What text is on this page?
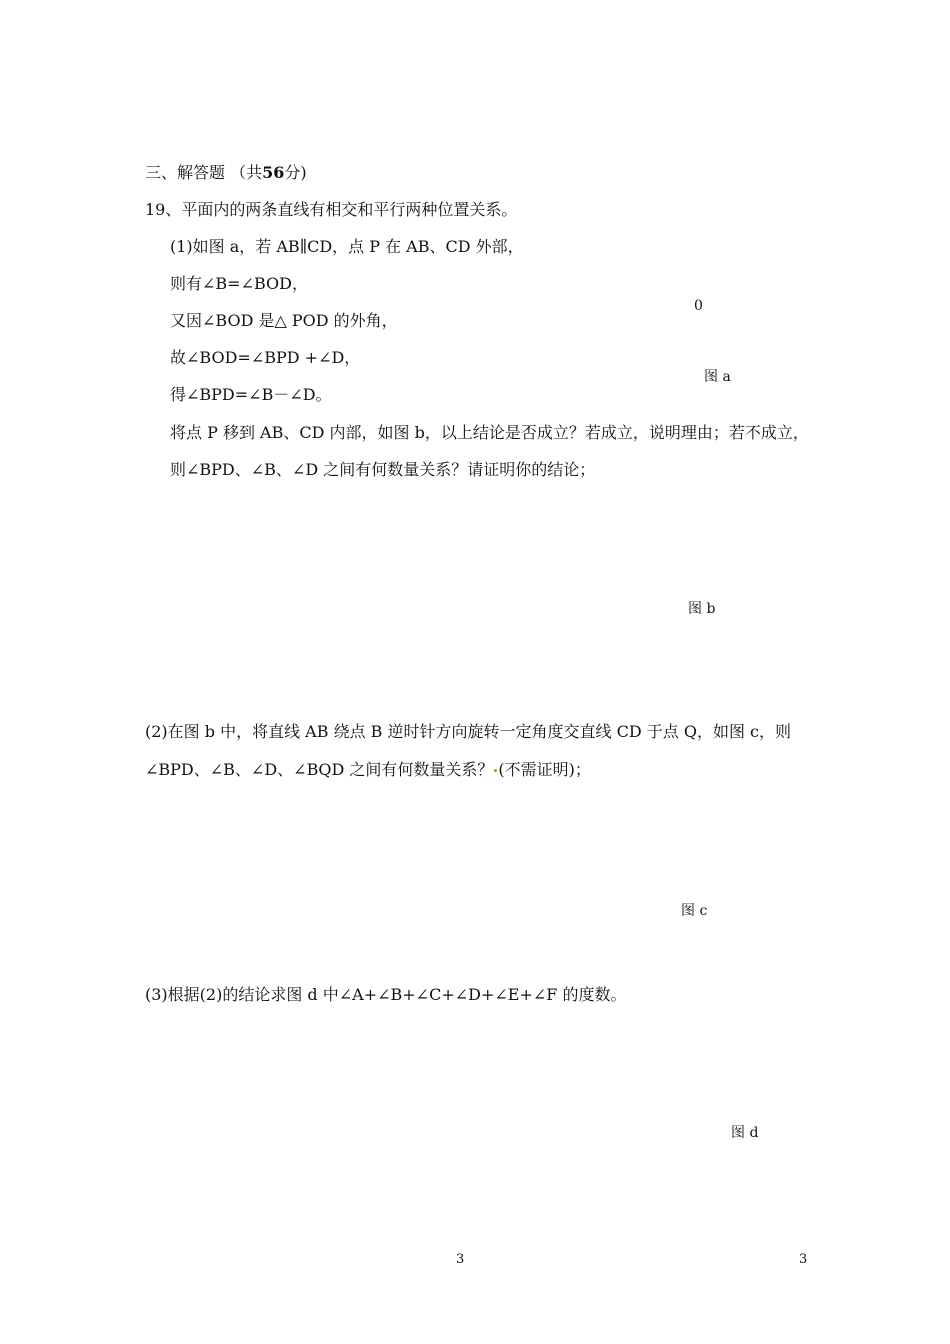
三、解答题 （共56分)
19、平面内的两条直线有相交和平行两种位置关系。
(1)如图 a，若 AB∥CD，点 P 在 AB、CD 外部，
则有∠B=∠BOD，
又因∠BOD 是△ POD 的外角，
故∠BOD=∠BPD +∠D，
得∠BPD=∠B－∠D。
将点 P 移到 AB、CD 内部，如图 b，以上结论是否成立？若成立，说明理由；若不成立，
则∠BPD、∠B、∠D 之间有何数量关系？请证明你的结论；
0
图 a
图 b
(2)在图 b 中，将直线 AB 绕点 B 逆时针方向旋转一定角度交直线 CD 于点 Q，如图 c，则
∠BPD、∠B、∠D、∠BQD 之间有何数量关系？ (不需证明)；
图 c
(3)根据(2)的结论求图 d 中∠A+∠B+∠C+∠D+∠E+∠F 的度数。
图 d
3	3
